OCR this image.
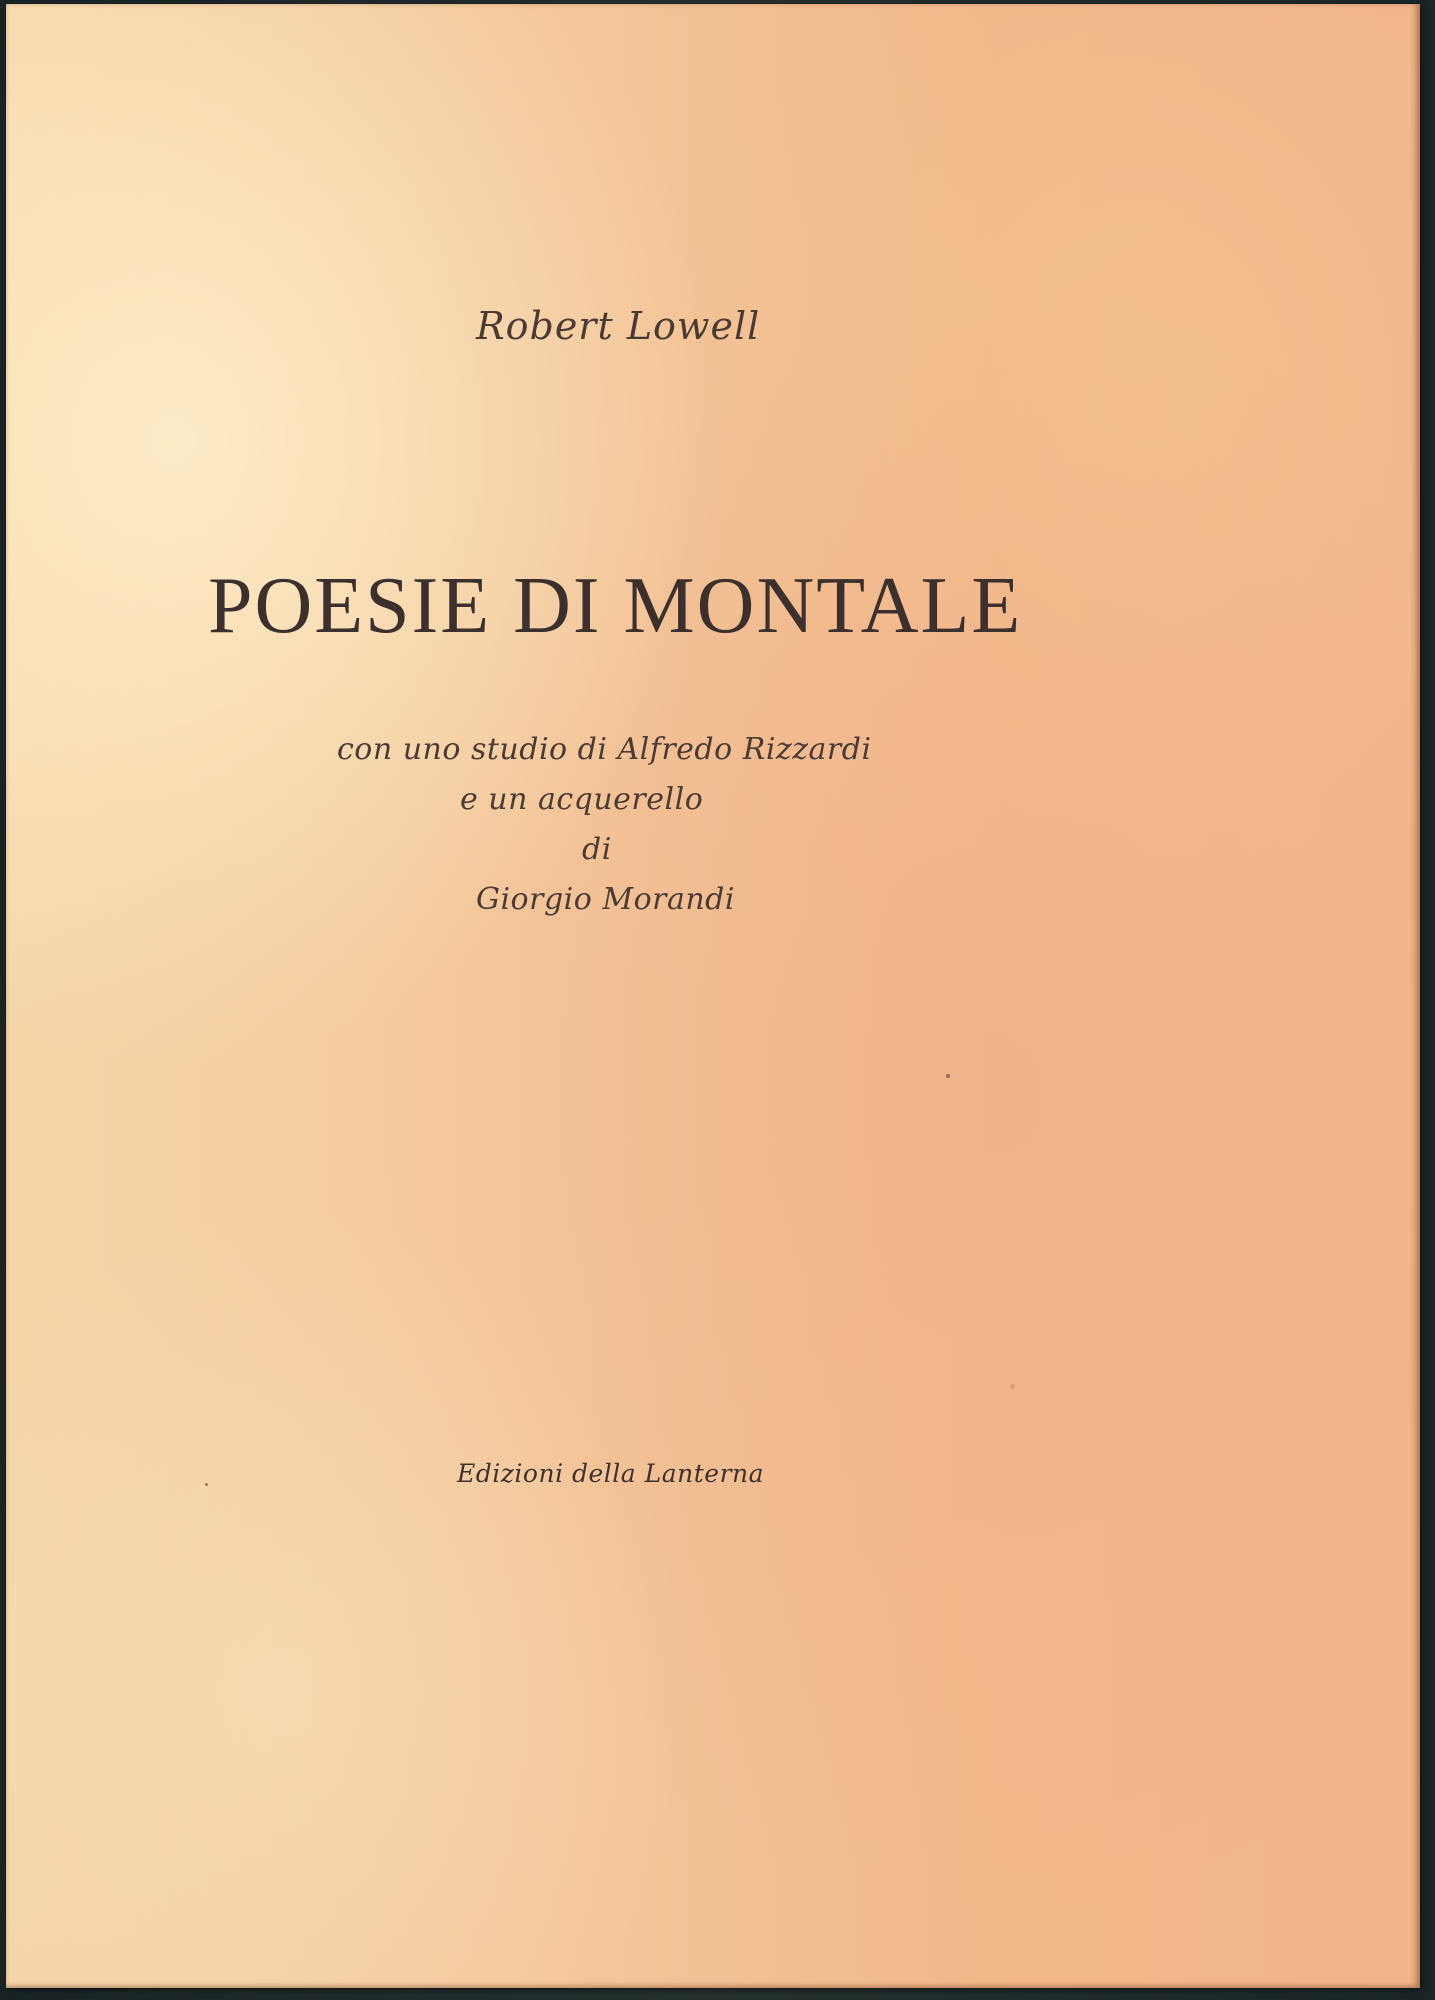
Robert Lowell
POESIE DI MONTALE
con uno studio di Alfredo Rizzardi
e un acquerello
di
Giorgio Morandi
Edizioni della Lanterna
